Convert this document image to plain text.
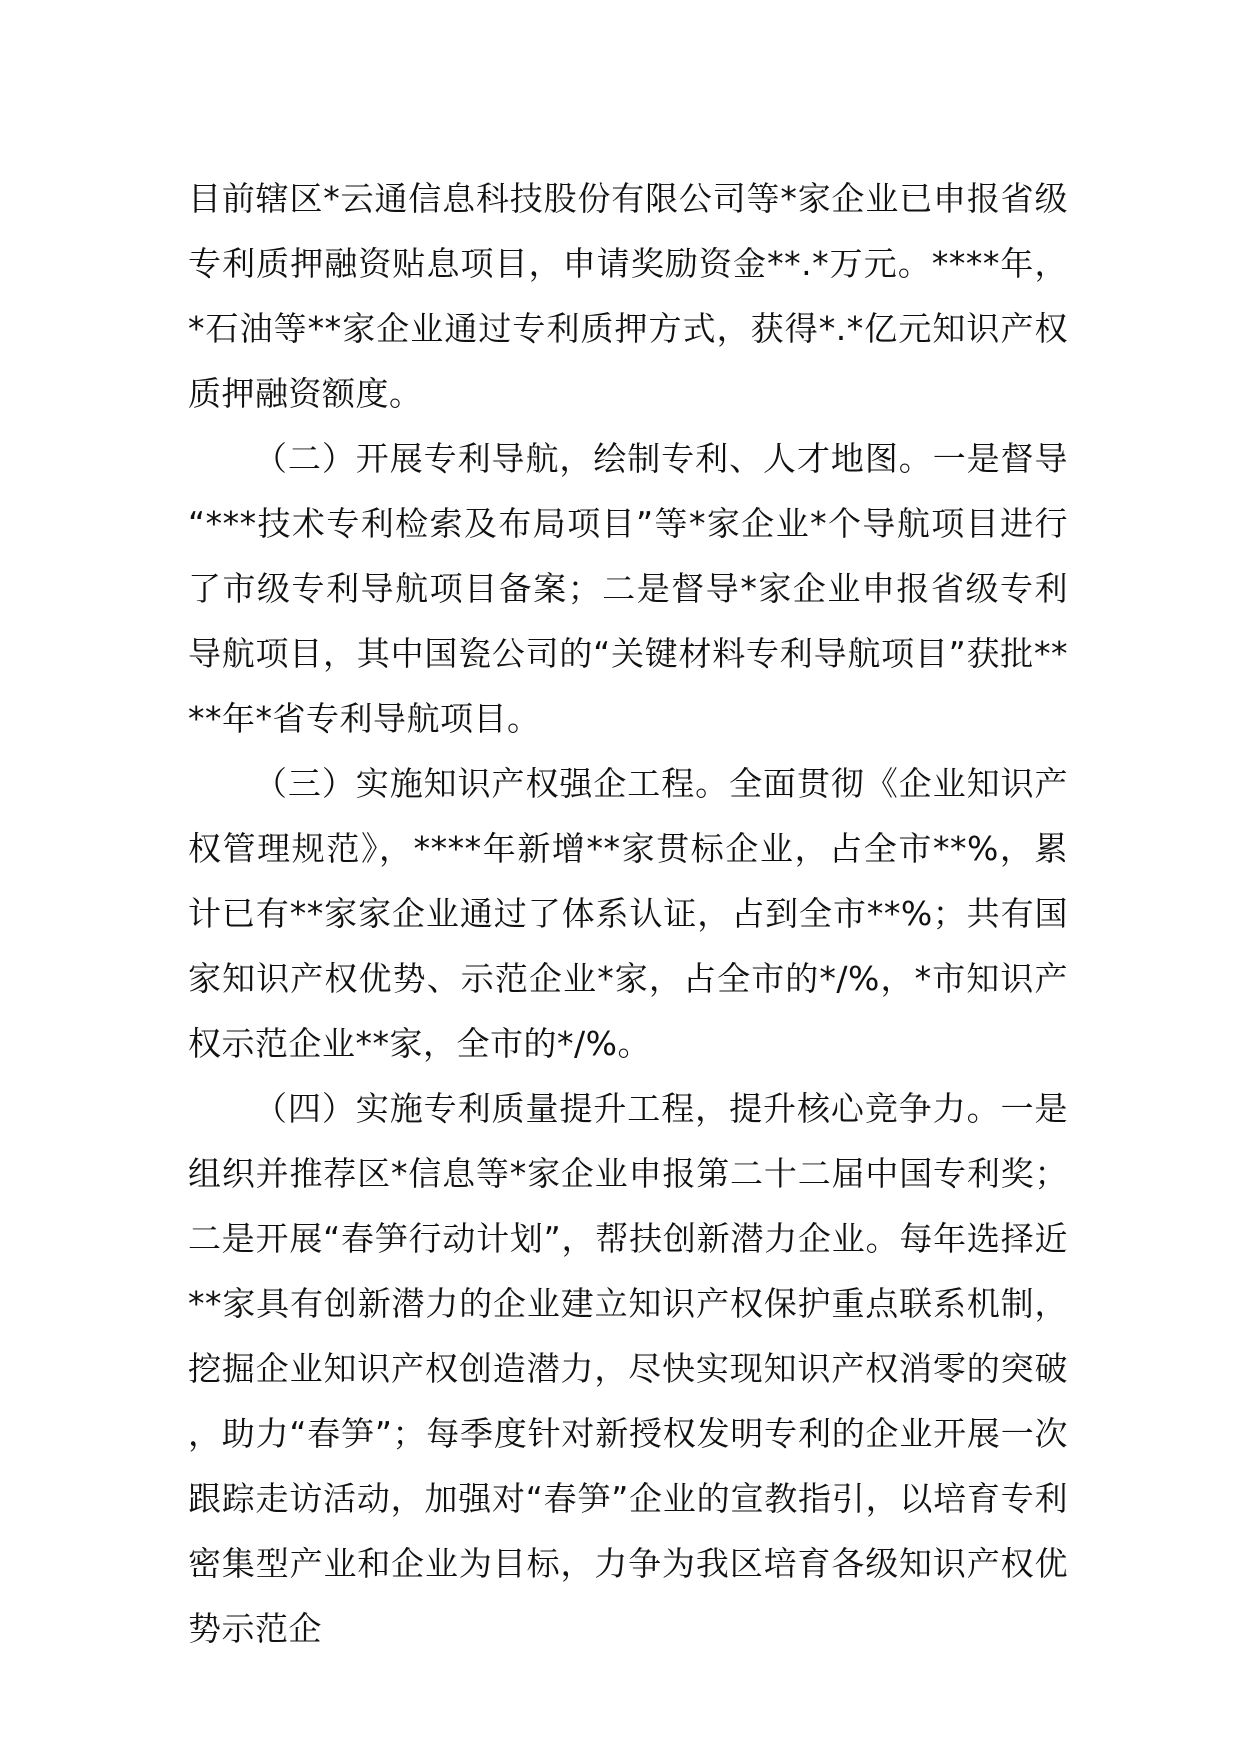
目前辖区*云通信息科技股份有限公司等*家企业已申报省级专利质押融资贴息项目，申请奖励资金**.*万元。****年，*石油等**家企业通过专利质押方式，获得*.*亿元知识产权质押融资额度。

（二）开展专利导航，绘制专利、人才地图。一是督导“***技术专利检索及布局项目”等*家企业*个导航项目进行了市级专利导航项目备案；二是督导*家企业申报省级专利导航项目，其中国瓷公司的“关键材料专利导航项目”获批****年*省专利导航项目。

（三）实施知识产权强企工程。全面贯彻《企业知识产权管理规范》，****年新增**家贯标企业，占全市**%，累计已有**家家企业通过了体系认证，占到全市**%；共有国家知识产权优势、示范企业*家，占全市的*/%，*市知识产权示范企业**家，全市的*/%。

（四）实施专利质量提升工程，提升核心竞争力。一是组织并推荐区*信息等*家企业申报第二十二届中国专利奖；二是开展“春笋行动计划”，帮扶创新潜力企业。每年选择近**家具有创新潜力的企业建立知识产权保护重点联系机制，挖掘企业知识产权创造潜力，尽快实现知识产权消零的突破，助力“春笋”；每季度针对新授权发明专利的企业开展一次跟踪走访活动，加强对“春笋”企业的宣教指引，以培育专利密集型产业和企业为目标，力争为我区培育各级知识产权优势示范企
